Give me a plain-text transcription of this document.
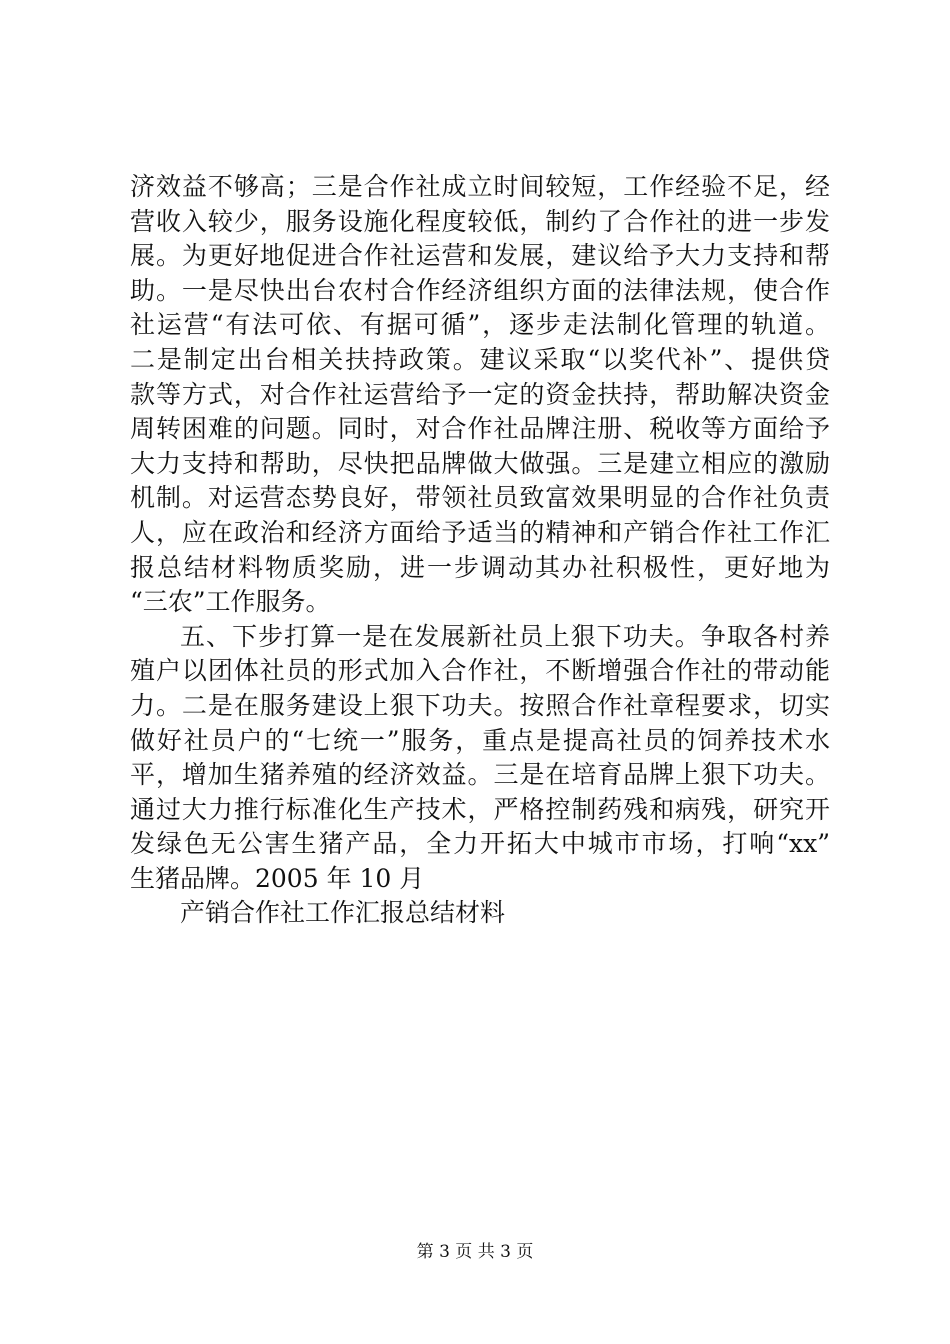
济效益不够高；三是合作社成立时间较短，工作经验不足，经
营收入较少，服务设施化程度较低，制约了合作社的进一步发
展。为更好地促进合作社运营和发展，建议给予大力支持和帮
助。一是尽快出台农村合作经济组织方面的法律法规，使合作
社运营“有法可依、有据可循”，逐步走法制化管理的轨道。
二是制定出台相关扶持政策。建议采取“以奖代补”、提供贷
款等方式，对合作社运营给予一定的资金扶持，帮助解决资金
周转困难的问题。同时，对合作社品牌注册、税收等方面给予
大力支持和帮助，尽快把品牌做大做强。三是建立相应的激励
机制。对运营态势良好，带领社员致富效果明显的合作社负责
人，应在政治和经济方面给予适当的精神和产销合作社工作汇
报总结材料物质奖励，进一步调动其办社积极性，更好地为
“三农”工作服务。
五、下步打算一是在发展新社员上狠下功夫。争取各村养
殖户以团体社员的形式加入合作社，不断增强合作社的带动能
力。二是在服务建设上狠下功夫。按照合作社章程要求，切实
做好社员户的“七统一”服务，重点是提高社员的饲养技术水
平，增加生猪养殖的经济效益。三是在培育品牌上狠下功夫。
通过大力推行标准化生产技术，严格控制药残和病残，研究开
发绿色无公害生猪产品，全力开拓大中城市市场，打响“xx”
生猪品牌。2005 年 10 月
产销合作社工作汇报总结材料
第 3 页 共 3 页
